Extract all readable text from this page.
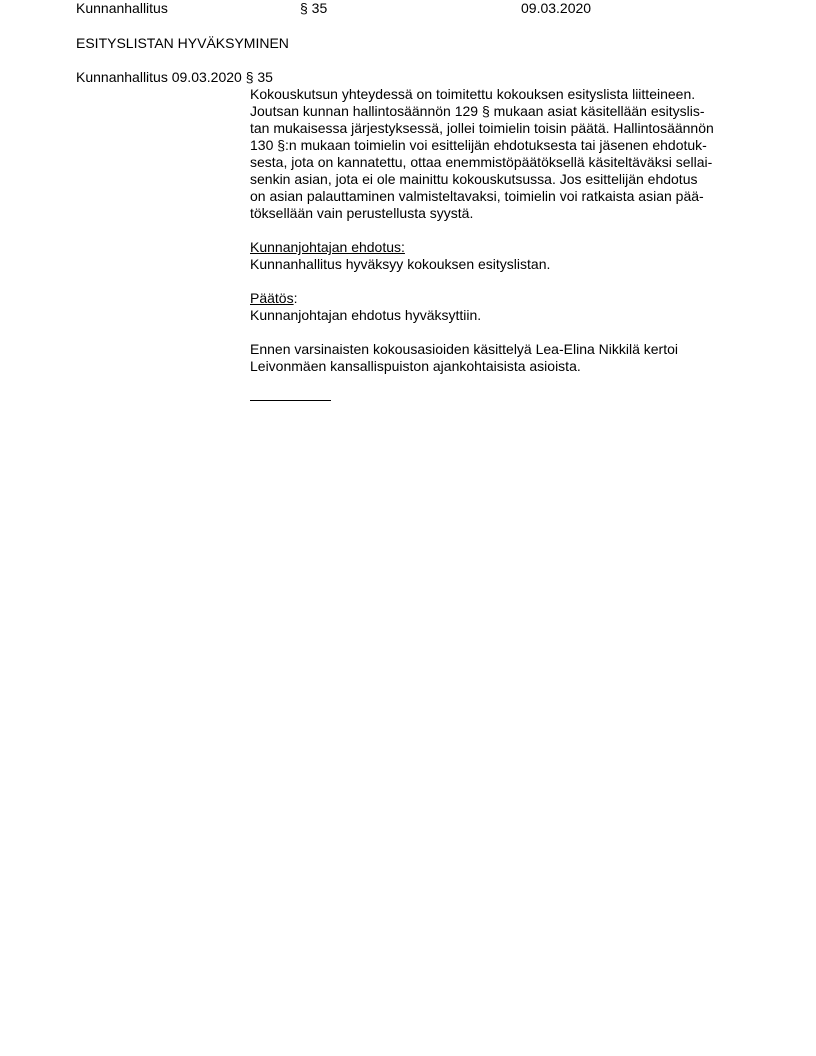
Kunnanhallitus	§ 35	09.03.2020
ESITYSLISTAN HYVÄKSYMINEN
Kunnanhallitus 09.03.2020 § 35
Kokouskutsun yhteydessä on toimitettu kokouksen esityslista liitteineen.
Joutsan kunnan hallintosäännön 129 § mukaan asiat käsitellään esityslis-
tan mukaisessa järjestyksessä, jollei toimielin toisin päätä. Hallintosäännön
130 §:n mukaan toimielin voi esittelijän ehdotuksesta tai jäsenen ehdotuk-
sesta, jota on kannatettu, ottaa enemmistöpäätöksellä käsiteltäväksi sellai-
senkin asian, jota ei ole mainittu kokouskutsussa. Jos esittelijän ehdotus
on asian palauttaminen valmisteltavaksi, toimielin voi ratkaista asian pää-
töksellään vain perustellusta syystä.
Kunnanjohtajan ehdotus:
Kunnanhallitus hyväksyy kokouksen esityslistan.
Päätös:
Kunnanjohtajan ehdotus hyväksyttiin.
Ennen varsinaisten kokousasioiden käsittelyä Lea-Elina Nikkilä kertoi
Leivonmäen kansallispuiston ajankohtaisista asioista.
